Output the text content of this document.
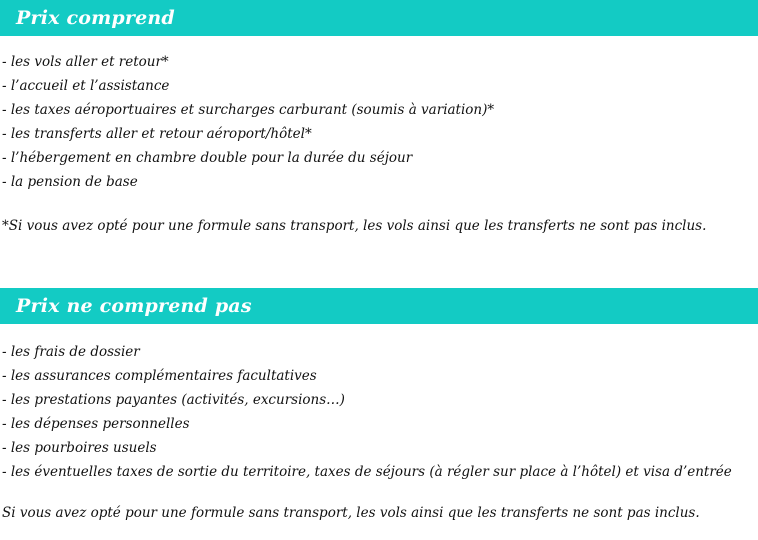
Prix comprend
- les vols aller et retour*
- l’accueil et l’assistance
- les taxes aéroportuaires et surcharges carburant (soumis à variation)*
- les transferts aller et retour aéroport/hôtel*
- l’hébergement en chambre double pour la durée du séjour
- la pension de base
*Si vous avez opté pour une formule sans transport, les vols ainsi que les transferts ne sont pas inclus.
Prix ne comprend pas
- les frais de dossier
- les assurances complémentaires facultatives
- les prestations payantes (activités, excursions…)
- les dépenses personnelles
- les pourboires usuels
- les éventuelles taxes de sortie du territoire, taxes de séjours (à régler sur place à l’hôtel) et visa d’entrée
Si vous avez opté pour une formule sans transport, les vols ainsi que les transferts ne sont pas inclus.
